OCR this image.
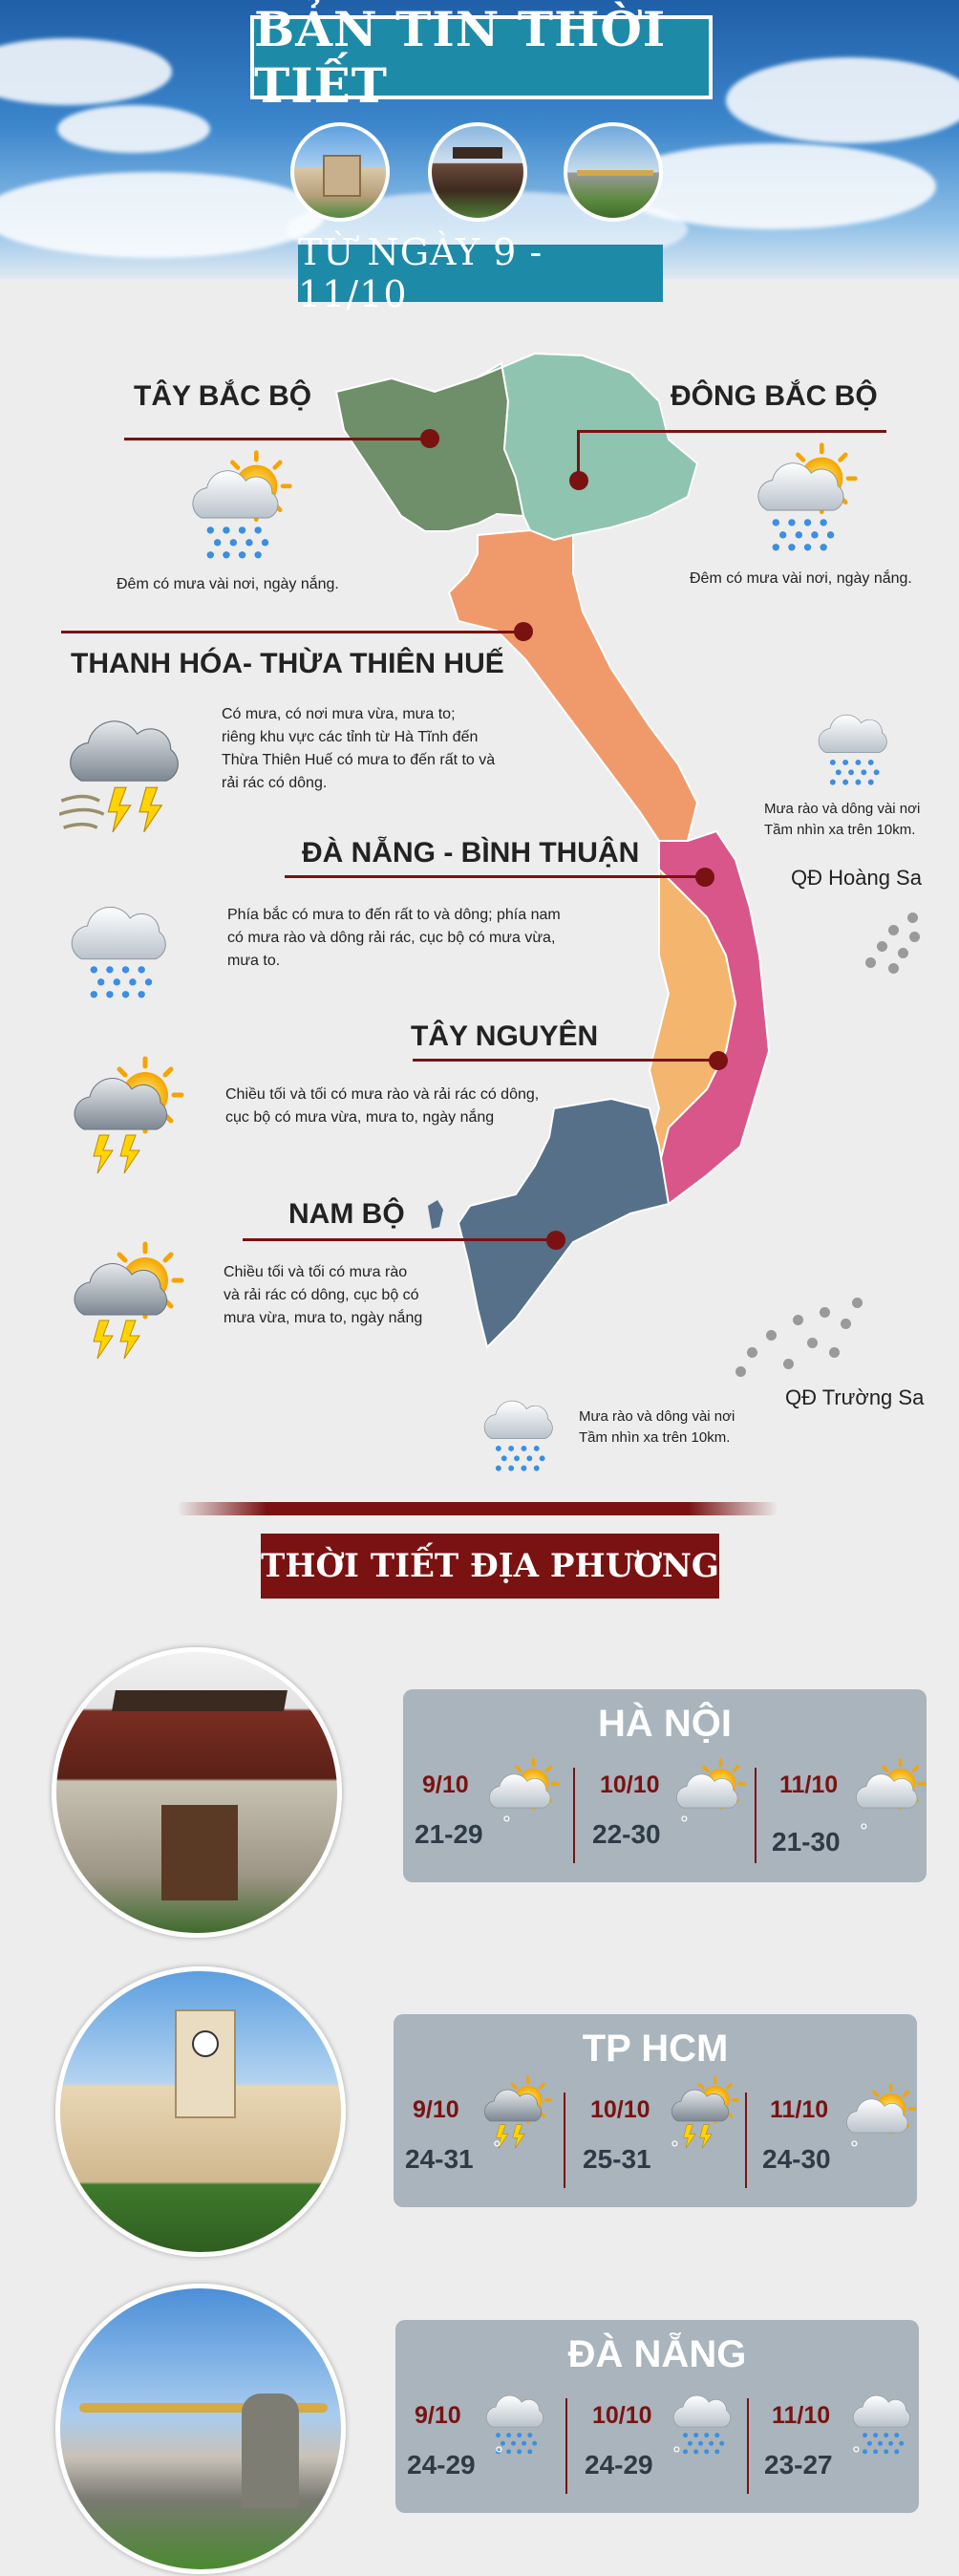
BẢN TIN THỜI TIẾT
TỪ NGÀY 9 - 11/10
TÂY BẮC BỘ
Đêm có mưa vài nơi, ngày nắng.
ĐÔNG BẮC BỘ
Đêm có mưa vài nơi, ngày nắng.
THANH HÓA- THỪA THIÊN HUẾ
Có mưa, có nơi mưa vừa, mưa to;
riêng khu vực các tỉnh từ Hà Tĩnh đến
Thừa Thiên Huế có mưa to đến rất to và
rải rác có dông.
Mưa rào và dông vài nơi
Tầm nhìn xa trên 10km.
QĐ Hoàng Sa
ĐÀ NẴNG - BÌNH THUẬN
Phía bắc có mưa to đến rất to và dông; phía nam
có mưa rào và dông rải rác, cục bộ có mưa vừa,
mưa to.
TÂY NGUYÊN
Chiều tối và tối có mưa rào và rải rác có dông,
cục bộ có mưa vừa, mưa to, ngày nắng
NAM BỘ
Chiều tối và tối có mưa rào
và rải rác có dông, cục bộ có
mưa vừa, mưa to, ngày nắng
QĐ Trường Sa
Mưa rào và dông vài nơi
Tầm nhìn xa trên 10km.
THỜI TIẾT ĐỊA PHƯƠNG
HÀ NỘI
9/10
21-29 °
10/10
22-30 °
11/10
21-30 °
TP HCM
9/10
24-31 °
10/10
25-31 °
11/10
24-30 °
ĐÀ NẴNG
9/10
24-29 °
10/10
24-29 °
11/10
23-27 °
